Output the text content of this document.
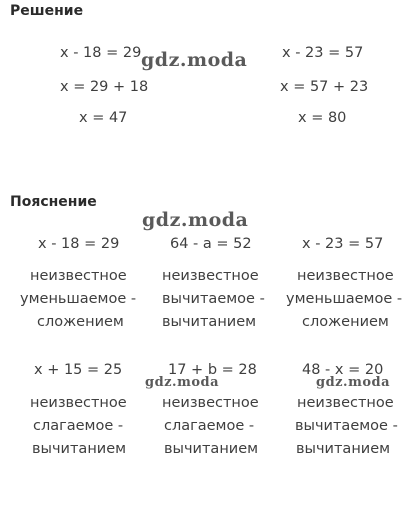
Решение
x - 18 = 29
x = 29 + 18
x = 47
x - 23 = 57
x = 57 + 23
x = 80
gdz.moda
Пояснение
gdz.moda
x - 18 = 29
неизвестное
уменьшаемое -
сложением
64 - a = 52
неизвестное
вычитаемое -
вычитанием
x - 23 = 57
неизвестное
уменьшаемое -
сложением
x + 15 = 25
неизвестное
слагаемое -
вычитанием
17 + b = 28
неизвестное
слагаемое -
вычитанием
48 - x = 20
неизвестное
вычитаемое -
вычитанием
gdz.moda	gdz.moda
